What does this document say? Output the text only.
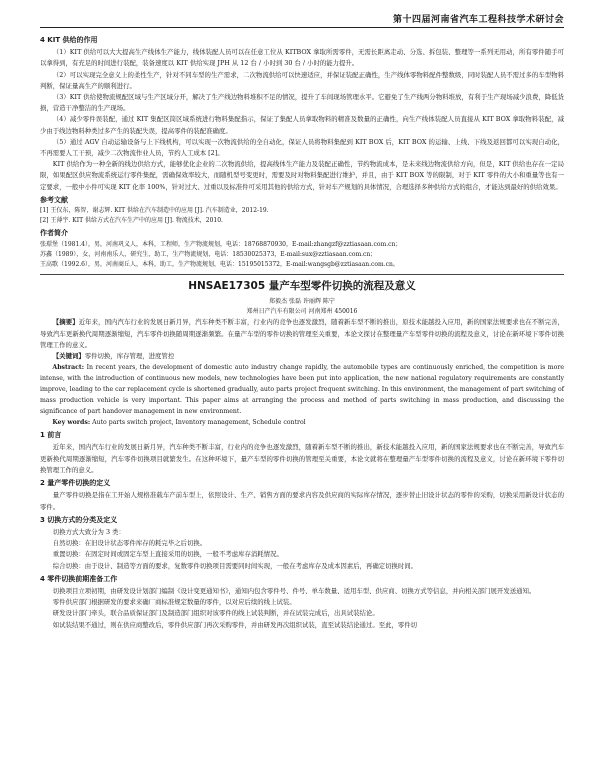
第十四届河南省汽车工程科技学术研讨会
4 KIT 供给的作用

（1）KIT 供给可以大大提高生产线体生产能力，线体装配人员可以在任意工位从 KITBOX 拿取所需零件，无需长距离走动、分选、拆包装、整理等一系列无用动，所有零件随手可以拿得到，有充足的时间进行装配，装备速度以 KIT 供给实现 JPH 从 12 台 / 小时到 30 台 / 小时的能力提升。

（2）可以实现完全意义上的柔性生产，针对不同车型的生产需求，二次物流供给可以快速适应，并保证装配正确性，生产线体零物料配件整数级，同时装配人员不需过多的车型物料判断，保证量高生产的顺利进行。

（3）KIT 供给使物流规配区域与生产区域分开，解决了生产线边物料堆积不足的情况，提升了车间现场管理水平。它避免了生产线两分物料堆放，有利于生产现场减少浪费，降低货损，营造干净整洁的生产现场。

（4）减少零件误装配，通过 KIT 集配区筒区域系统进行物料集配指示，保证了集配人员拿取物料的精准及数量的正确性，向生产线体装配人员直接从 KIT BOX 拿取物料装配，减少由于线边物料种类过多产生的装配失误，提高零件的装配准确度。

（5）通过 AGV 自动运输设备与上下线机构，可以实现一次物流供给的全自动化，保证人员将物料集配到 KIT BOX 后，KIT BOX 的运输、上线、下线及返回都可以实现自动化，不再需要人工干预，减少二次物流作业人员，节约人工成本 [2]。

KIT 供给作为一种全新的线边供给方式，能够优化企业的二次物流供给，提高线体生产能力及装配正确性，节约物流成本，是未来线边物流供给方向，但是，KIT 供给也存在一定局限，如果配区供应物流系统运行零件集配，需确保效率较大，而随机型号变更时，需要及时对物料集配进行维护，并且，由于 KIT BOX 等的限制，对于 KIT 零件的大小和重量等也有一定要求，一般中小件可实现 KIT 化率 100%，针对过大、过重以及标准件可采用其他的供给方式，针对车产规划的具体情况，合理选择多种供给方式的组合，才能达到最好的供给效果。

参考文献
[1] 王仅东，陈智，谢志辉. KIT 供给在汽车制造中的应用 [J]. 汽车制造业，2012-19.
[2] 王薄宇. KIT 供给方式在汽车生产中的应用 [J]. 物流技术，2010.
作者简介
张璟堡（1981.4），男，河南巩义人，本科，工程师，生产物流规划，电话：18768870930，E-mail:zhangzf@zztiasaan.com.cn；
苏鑫（1989），女，河南南乐人，研究生，助工，生产物流规划，电话：18530025373，E-mail:sux@zztiasaan.com.cn；
王高歌（1992.6），男，河南商丘人，本科，助工，生产物流规划，电话：15195015372，E-mail:wangsgb@zztiasaan.com.cn。
HNSAE17305 量产车型零件切换的流程及意义
郑毅杰 张磊 许丽辉 陈宁
郑州日产汽车有限公司 河南郑州 450016

【摘要】近年来，国内汽车行业的发展日新月异，汽车种类不断丰富，行业内的竞争也逐发激烈，随着新车型不断的推出，原技术能越投入应用，新的国家法规要求也在不断完善，导致汽车更新换代周期逐渐缩短，汽车零件切换随周期逐渐频繁。在量产车型的零件切换的管理至关重要，本论文探讨在整理量产车型零件切换的流程及意义，讨论在新环境下零件切换管理工作的意义。

【关键词】零件切换，库存管理，进度管控

Abstract: In recent years, the development of domestic auto industry change rapidly, the automobile types are continuously enriched, the competition is more intense, with the introduction of continuous new models, new technologies have been put into application, the new national regulatory requirements are constantly improve, leading to the car replacement cycle is shortened gradually, auto parts project frequent switching. In this environment, the management of part switching of mass production vehicle is very important. This paper aims at arranging the process and method of parts switching in mass production, and discussing the significance of part handover management in new environment.

Key words: Auto parts switch project, Inventory management, Schedule control

1 前言

近年来，国内汽车行业的发展日新月异，汽车种类不断丰富，行业内的竞争也逐发激烈，随着新车型不断的推出，新技术能越投入应用，新的国家法规要求也在不断完善，导致汽车更新换代周期逐渐缩短，汽车零件切换项目就繁发生。在这种环境下，量产车型的零件切换的管理至关重要，本论文就将在整理量产车型零件切换的流程及意义，讨论在新环境下零件切换管理工作的意义。

2 量产零件切换的定义

量产零件切换是指在工开始人规格准载车产前车型上，依照设计、生产、销售方面的要求内容及供应商的实际库存情况，逐步替止旧设计状态的零件的采购，切换采用新设计状态的零件。

3 切换方式的分类及定义

切换方式大致分为 3 类：

自然切换：在旧设计状态零件库存的耗完毕之后切换。

重置切换：在固定时间或固定车型上直接采用的切换，一般不考虑库存消耗情况。

综合切换：由于设计、制造等方面的要求，复数零件切换项目需要同时间实现，一般在考虑库存及成本因素后，再确定切换时间。

4 零件切换前期准备工作

切换项目立项初期，由研发设计划部门编制《设计变更通知书》，通知内包含零件号、件号、单车数量、适用车型、供应商、切换方式等信息，并向相关部门展开发送通知。

零件供应部门根据研发的要求来确厂商标准规定数量的零件，以对应后续的线上试装。

研发设计部门牵头，联合品质保证部门及制造部门组织对该零件的线上试装判断，并在试装完成后，出具试装结论。

如试装结果不通过，则在供应商整改后，零件供应部门再次采购零件，并由研发再次组织试装，直至试装结论通过。至此，零件切
